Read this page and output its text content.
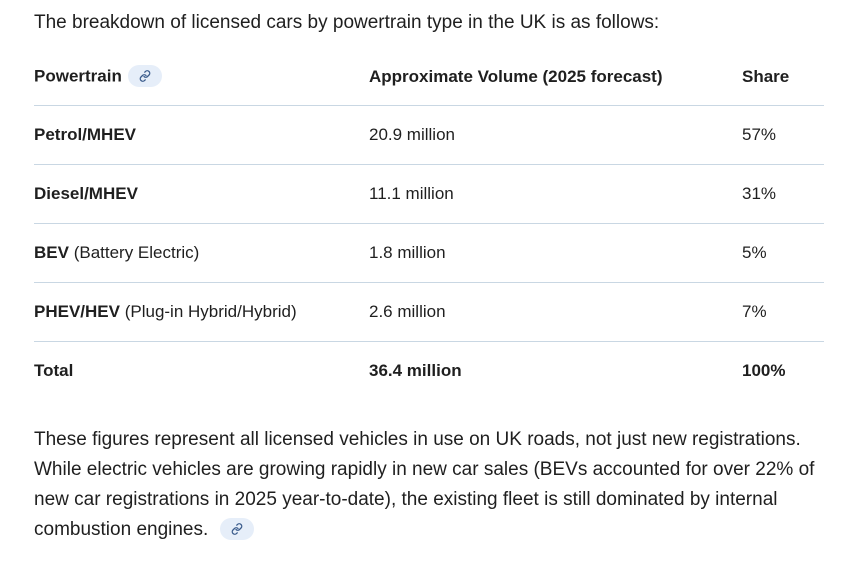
The breakdown of licensed cars by powertrain type in the UK is as follows:

Powertrain	Approximate Volume (2025 forecast)	Share
Petrol/MHEV	20.9 million	57%
Diesel/MHEV	11.1 million	31%
BEV (Battery Electric)	1.8 million	5%
PHEV/HEV (Plug-in Hybrid/Hybrid)	2.6 million	7%
Total	36.4 million	100%

These figures represent all licensed vehicles in use on UK roads, not just new registrations. While electric vehicles are growing rapidly in new car sales (BEVs accounted for over 22% of new car registrations in 2025 year-to-date), the existing fleet is still dominated by internal combustion engines.
